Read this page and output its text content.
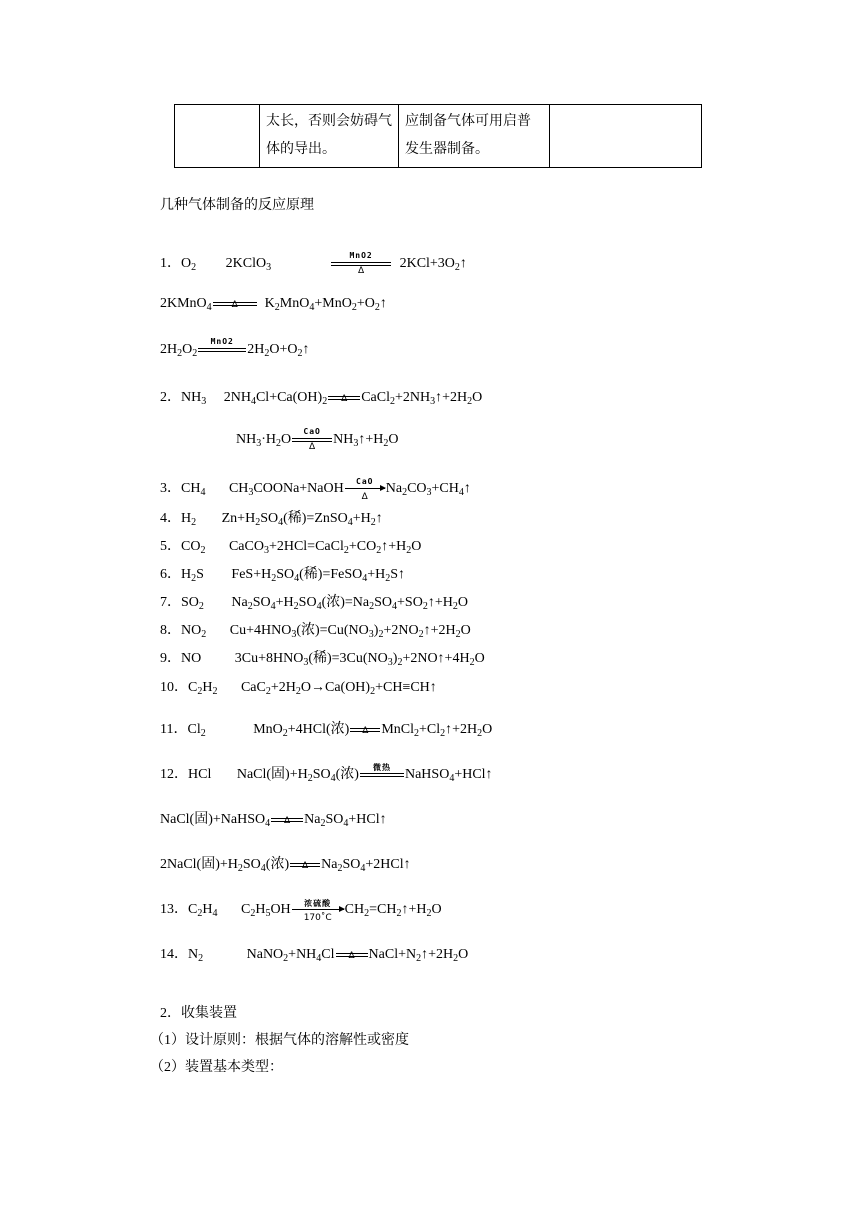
	太长，否则会妨碍气体的导出。	应制备气体可用启普发生器制备。	
几种气体制备的反应原理
1．$O_2$ 2KClO$_3$
MnO2
Δ	$2KCl+3O_2↑$
2KMnO$_4$	Δ	$K_2MnO_4+MnO_2+O_2↑$
$2H_2O_2$
MnO2
$2H_2O+O_2↑$
2．$NH_3$ $2NH_4Cl+Ca(OH)_2$	Δ $CaCl_2+2NH_3↑+2H_2O$
$NH_3\cdot H_2O$
CaO
Δ	$NH_3↑+H_2O$
3．$CH_4$ $CH_3COONa+NaOH$	CaO
Δ
$Na_2CO_3+CH_4↑$
4．$H_2$ $Zn+H_2SO_4$(稀)$=ZnSO_4+H_2↑$
5．$CO_2$ $CaCO_3+2HCl=CaCl_2+CO_2↑+H_2O$
6．$H_2S$ $FeS+H_2SO_4$(稀)$=FeSO_4+H_2S↑$
7．$SO_2$ $Na_2SO_4+H_2SO_4$(浓)$=Na_2SO_4+SO_2↑+H_2O$
8．$NO_2$ $Cu+4HNO_3$(浓)$=Cu(NO_3)_2+2NO_2↑+2H_2O$
9．NO $3Cu+8HNO_3$(稀)$=3Cu(NO_3)_2+2NO↑+4H_2O$
10．$C_2H_2$ $CaC_2+2H_2O\to Ca(OH)_2+CH\equiv CH↑$
11．$Cl_2$	MnO$_2$+4HCl(浓)	Δ $MnCl_2+Cl_2↑+2H_2O$
12．HCl NaCl(固)$+H_2SO_4$(浓)	微热	NaHSO$_4$+HCl↑
NaCl(固)+NaHSO$_4$	Δ $Na_2SO_4+HCl↑$
2NaCl(固)$+H_2SO_4$(浓)	Δ $Na_2SO_4+2HCl↑$
13．$C_2H_4$ $C_2H_5OH$	浓硫酸
170˚C
$CH_2=CH_2↑+H_2O$
14．$N_2$	$NaNO_2+NH_4Cl$	Δ $NaCl+N_2↑+2H_2O$
2．收集装置
（1）设计原则：根据气体的溶解性或密度
（2）装置基本类型：
